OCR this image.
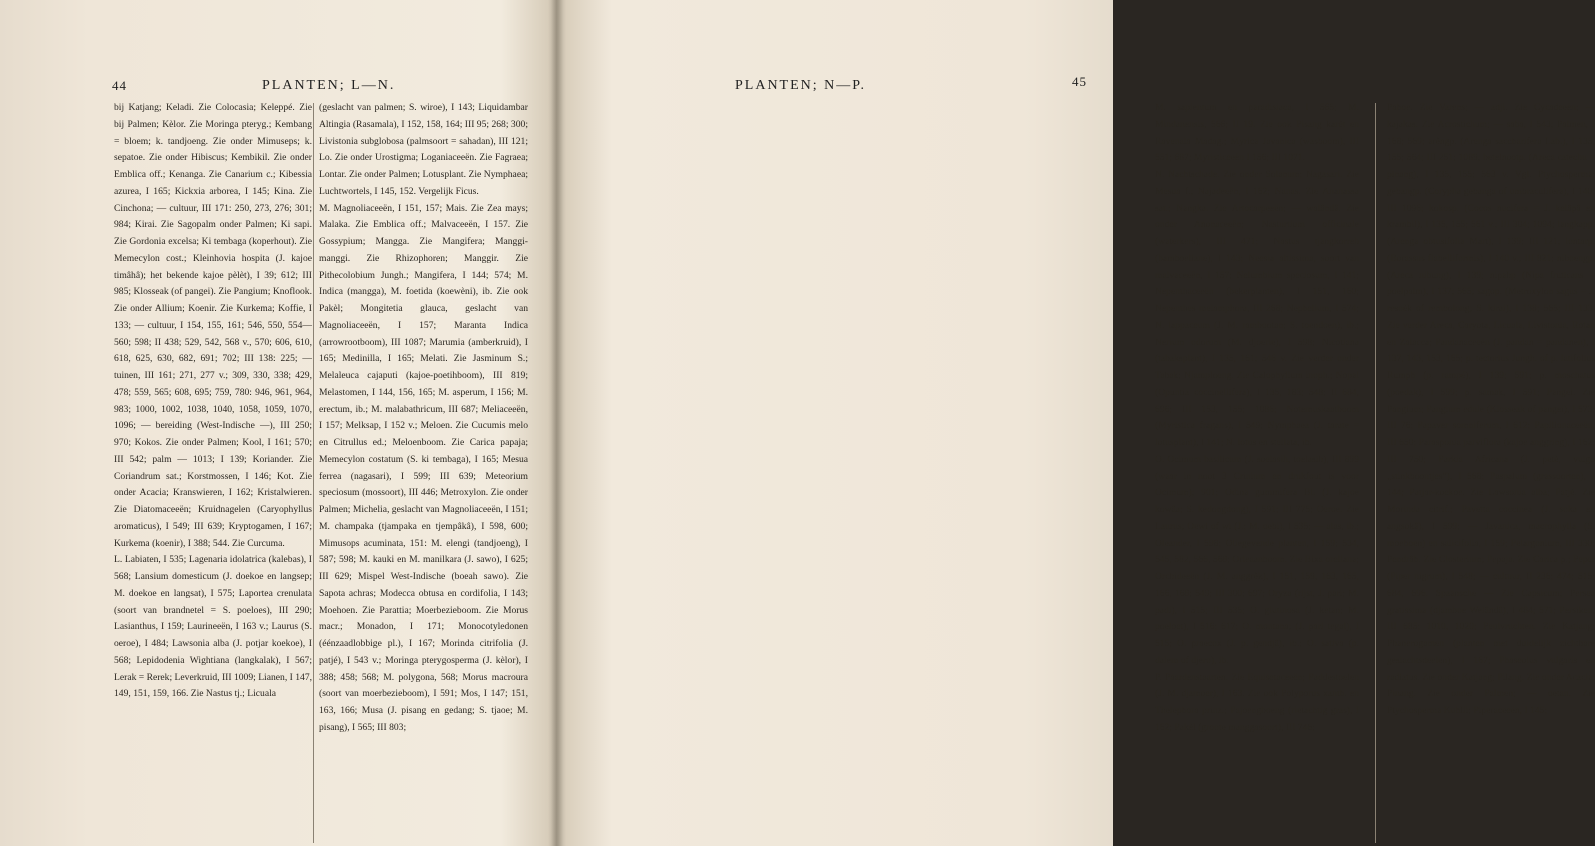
44	PLANTEN; L—N.

bij Katjang; Keladi. Zie Colocasia; Keleppé. Zie bij Palmen; Kèlor. Zie Moringa pteryg.; Kembang = bloem; k. tandjoeng. Zie onder Mimuseps; k. sepatoe. Zie onder Hibiscus; Kembikil. Zie onder Emblica off.; Kenanga. Zie Canarium c.; Kibessia azurea, I 165; Kickxia arborea, I 145; Kina. Zie Cinchona; — cultuur, III 171: 250, 273, 276; 301; 984; Kirai. Zie Sagopalm onder Palmen; Ki sapi. Zie Gordonia excelsa; Ki tembaga (koperhout). Zie Memecylon cost.; Kleinhovia hospita (J. kajoe timâhâ); het bekende kajoe pèlèt), I 39; 612; III 985; Klosseak (of pangei). Zie Pangium; Knoflook. Zie onder Allium; Koenir. Zie Kurkema; Koffie, I 133; — cultuur, I 154, 155, 161; 546, 550, 554—560; 598; II 438; 529, 542, 568 v., 570; 606, 610, 618, 625, 630, 682, 691; 702; III 138: 225; — tuinen, III 161; 271, 277 v.; 309, 330, 338; 429, 478; 559, 565; 608, 695; 759, 780: 946, 961, 964, 983; 1000, 1002, 1038, 1040, 1058, 1059, 1070, 1096; — bereiding (West-Indische —), III 250; 970; Kokos. Zie onder Palmen; Kool, I 161; 570; III 542; palm — 1013; I 139; Koriander. Zie Coriandrum sat.; Korstmossen, I 146; Kot. Zie onder Acacia; Kranswieren, I 162; Kristalwieren. Zie Diatomaceeën; Kruidnagelen (Caryophyllus aromaticus), I 549; III 639; Kryptogamen, I 167; Kurkema (koenir), I 388; 544. Zie Curcuma.

L. Labiaten, I 535; Lagenaria idolatrica (kalebas), I 568; Lansium domesticum (J. doekoe en langsep; M. doekoe en langsat), I 575; Laportea crenulata (soort van brandnetel = S. poeloes), III 290; Lasianthus, I 159; Laurineeën, I 163 v.; Laurus (S. oeroe), I 484; Lawsonia alba (J. potjar koekoe), I 568; Lepidodenia Wightiana (langkalak), I 567; Lerak = Rerek; Leverkruid, III 1009; Lianen, I 147, 149, 151, 159, 166. Zie Nastus tj.; Licuala

(geslacht van palmen; S. wiroe), I 143; Liquidambar Altingia (Rasamala), I 152, 158, 164; III 95; 268; 300; Livistonia subglobosa (palmsoort = sahadan), III 121; Lo. Zie onder Urostigma; Loganiaceeën. Zie Fagraea; Lontar. Zie onder Palmen; Lotusplant. Zie Nymphaea; Luchtwortels, I 145, 152. Vergelijk Ficus.

M. Magnoliaceeën, I 151, 157; Mais. Zie Zea mays; Malaka. Zie Emblica off.; Malvaceeën, I 157. Zie Gossypium; Mangga. Zie Mangifera; Manggi-manggi. Zie Rhizophoren; Manggir. Zie Pithecolobium Jungh.; Mangifera, I 144; 574; M. Indica (mangga), M. foetida (koewèni), ib. Zie ook Pakèl; Mongitetia glauca, geslacht van Magnoliaceeën, I 157; Maranta Indica (arrowrootboom), III 1087; Marumia (amberkruid), I 165; Medinilla, I 165; Melati. Zie Jasminum S.; Melaleuca cajaputi (kajoe-poetihboom), III 819; Melastomen, I 144, 156, 165; M. asperum, I 156; M. erectum, ib.; M. malabathricum, III 687; Meliaceeën, I 157; Melksap, I 152 v.; Meloen. Zie Cucumis melo en Citrullus ed.; Meloenboom. Zie Carica papaja; Memecylon costatum (S. ki tembaga), I 165; Mesua ferrea (nagasari), I 599; III 639; Meteorium speciosum (mossoort), III 446; Metroxylon. Zie onder Palmen; Michelia, geslacht van Magnoliaceeën, I 151; M. champaka (tjampaka en tjempâkâ), I 598, 600; Mimusops acuminata, 151: M. elengi (tandjoeng), I 587; 598; M. kauki en M. manilkara (J. sawo), I 625; III 629; Mispel West-Indische (boeah sawo). Zie Sapota achras; Modecca obtusa en cordifolia, I 143; Moehoen. Zie Parattia; Moerbezieboom. Zie Morus macr.; Monadon, I 171; Monocotyledonen (éénzaadlobbige pl.), I 167; Morinda citrifolia (J. patjé), I 543 v.; Moringa pterygosperma (J. kèlor), I 388; 458; 568; M. polygona, 568; Morus macroura (soort van moerbezieboom), I 591; Mos, I 147; 151, 163, 166; Musa (J. pisang en gedang; S. tjaoe; M. pisang), I 565; III 803;

PLANTEN; N—P.	45

M. sapientum en paradisiaca, I 565; M. Mindanensis, 566; II 19. Zie ook Pisang karèt en Ravenala Madag.; Myrica Javanica (wasboom), III 551; 687; Myristiceeën I 156; III 1071.

N. Nachtschade. Zie onder Solanum; Nagasari. Zie Mesua f.; Najadeeën, I 162; Nanas. Zie Ananassa sat.; Nangka. Zie Artocarpeeën; — walândâ. Zie onder Anonaceeën; Nasturtium officinale (waterkers), III 471; Nastus tjangkorreh (bamboeliane), I 143; Neesia altissima, soort van malvaceeën, I 157; Nelumbium speciosum, I 141; Nepenthaceeën (bekerplanten), I 151, 160; Nepenthes melamphora, III 268; Nephelium, I 574; N. lappaceum (J. M. rambootan; S. toendoen), ib.; Nerium odorum (M. djoerie), I 598; Nicotiana (tabaksplant), I 135, 161; 546 v. Zie verder onder Tabak; Njamploeng. Zie Calophyllum inoph.; Nopal (Opuntia coccinellifera), I 135, 183; 548; II 684, 696; III 153, 155; 1086; Notemuskaatboom (Myristica fragans), I 549; Nymphaea (J. tarate = lotusplant), I 141; N. lotus en stellata, ib.

O. Ocimum basilicum (J. soelasih, toelasih), III 899 (waar in noot 3 Crinium en drukfout is voor Ocimum); 901; Odina gummifera Bl. (J. kajoe kowâa; S. kedongdong), I 591; III 775; Oeroe. Zie Laurus; Oewi of wi (J.; M. oebi), I 535; — alas, ib.; Oleander, I 598; Oliegevende planten, I 159; 534, 545, 582, 566, 568; Orleaanboom. Zie Bixa orellana; Orchideeën (J. M. anggrèk), I 151, 159, 163, 165, 166, 168; 549; III 300; 697; Oryza (rijst, J. pari; M. padi), I 515; III 535; O. glutinosa (J. ketan; M. poeloet), I 516; 617; O. montana; (J. pari tegal), I 515; O. praecox (J. p. gendjâ), ib.; O. sativa (p. dalem of djero), ib.

P. Paardenstaarten. Zie Equisetaceeën; Paddestoelen (J. M. djamoer), I 163. Zie ook Polyporus xanth. en Thelephora prinz.; Pajoengboeng (rietachtig gras), I 162; Pakèl (groote manggasoort), III 746;

Pahoe. Zie Varens; — adji. Zie Cycadeeën; — kajakas. Zie Acrostichum; — saba, I 543; Palmen, I 168; 569; arèngp. (Arenga saccharifera Lab.), I 135, 155; 564; III 251; 1089; betelnootp. (Areca catechu = pinang), I 135, 155; 563 v. Vgl. Ptychosperma; gebangp. (Corypha gebanga of umbraculifera), I 140; III 1096; kokosp. (Cocos nucifera = J. kelâpâ en krambil), I 135, 155; 561 v.; III 304; 1094; langkapp. (Arenga obtusifolia Mart), I 139; III 121; lontarp. (Borassus flabelliformis), I 140 v.; III 821; niboengp. (Areca nibung), I 139; nipahp (Nipa fruticans = poelpalm), I 137; 565; sagop. (Metroxylon sagus = J. resoèk of rembolong; S. kirai), I 138; 565; III 133. Zie verder Areca, Caryota, Licuala, Livistonia, Rotan en Zalacca; Pandanaceeën (J. pandan = pandanen), I 137, 143, 153, 165; p. tectorius Jungh. of p. latifolius Rumph (p. rampé), I 139; 591; p. moschatus (poedak), I 599; p. samak, I 591; Pangei. Zie Pangium; Pangium edule (Klosseak of pangei), I 573; III 76; Papaver somniferum, I 612; Papilionaceeën, III 650; Parasponia parviflora (kajoe anggring), I 162; III 750; Parkia Africana (J. petè, vulgo „stinkboontjes”), I 568; Paspalum (grassoorten), I 144; Patjar-koekoe. Zie Lawsonia alba; Patjé. Zie Morinda citrif.; Pavetta coccinea (J. soka en angsokâ), I 599; — Javanica, macrophylla (S. moehoen) en salicifolia, I 159; Pelargonium, III 330; Pendrâh. Zie Closterium; Pepaja. Zie Carica p.; Peper (Piper nigrum), I 548; — cultuur, II 236; 474; 515; 684, 696. Spaansche — Zie Capsicum; Persea gratissima (djamboe Welândâ), I 484; 571; Persiken, III 685; 1010, 1020; Peulvruchten. Zie Katjang; Phanerogamen (planten met duidelijk zichtbare geslachtsdeelen), I 167; Phaseolus vulgaris en radiatus. Zie onder Katjang; Pilang. Zie onder Acacia; Pinang. Zie onder Palmen; — oetan. Zie Ptychosperma Kuhlii; Piperaceeën, I 145;
